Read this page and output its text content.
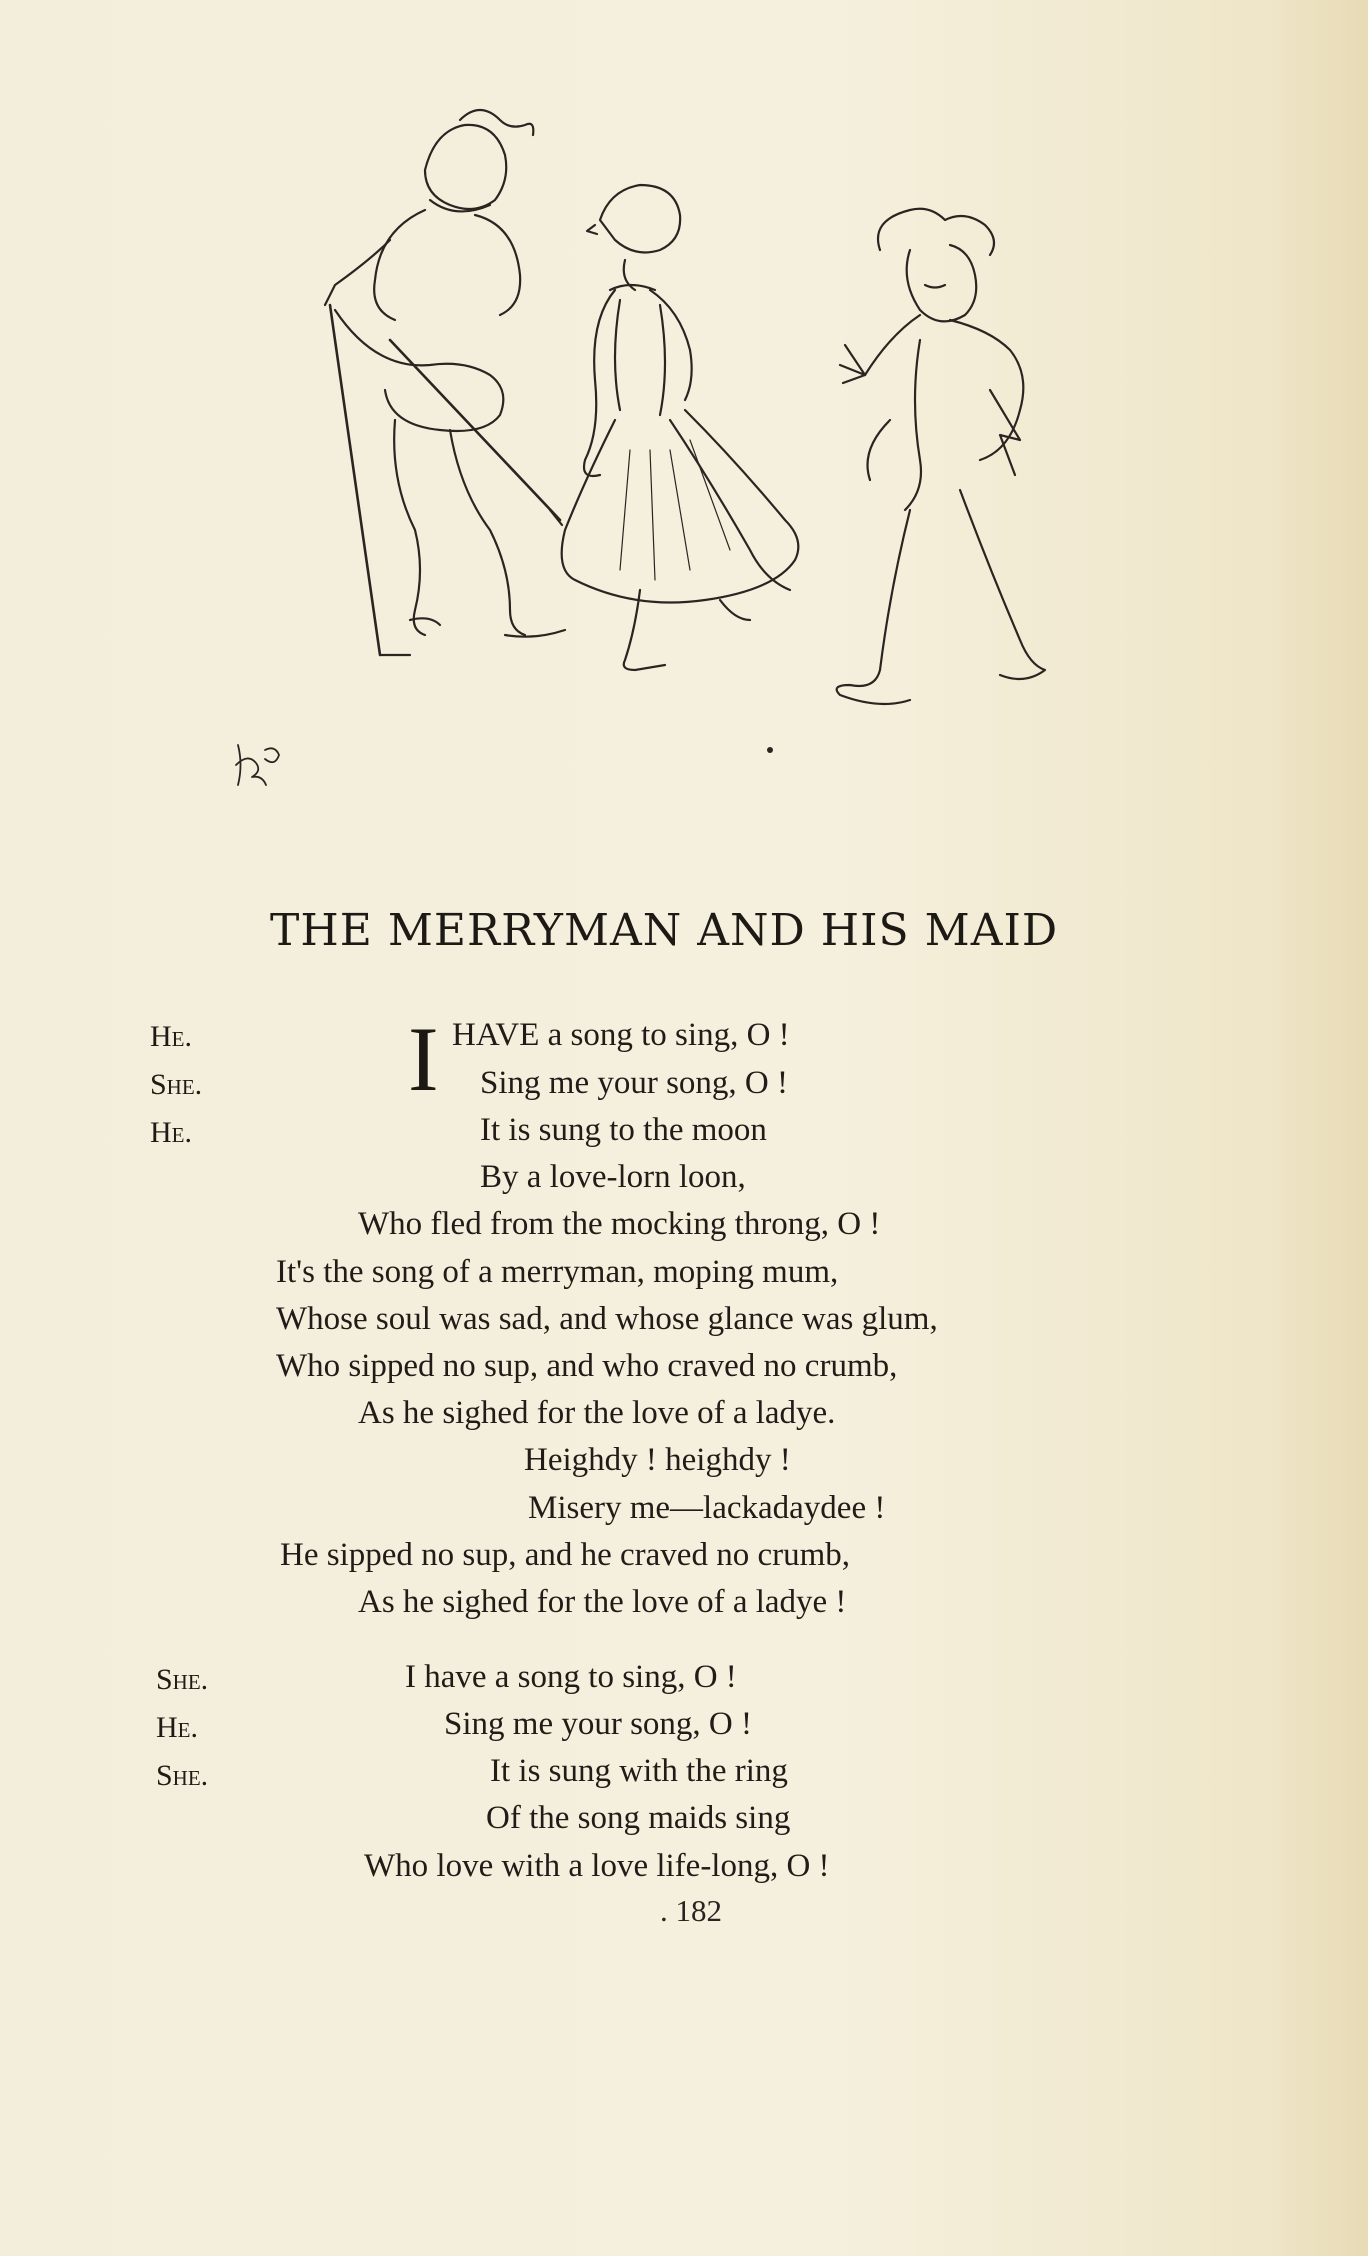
THE MERRYMAN AND HIS MAID
He.
She.
He.
I HAVE a song to sing, O !
Sing me your song, O !
It is sung to the moon
By a love-lorn loon,
Who fled from the mocking throng, O !
It's the song of a merryman, moping mum,
Whose soul was sad, and whose glance was glum,
Who sipped no sup, and who craved no crumb,
As he sighed for the love of a ladye.
Heighdy ! heighdy !
Misery me—lackadaydee !
He sipped no sup, and he craved no crumb,
As he sighed for the love of a ladye !
She.
He.
She.
I have a song to sing, O !
Sing me your song, O !
It is sung with the ring
Of the song maids sing
Who love with a love life-long, O !
. 182
